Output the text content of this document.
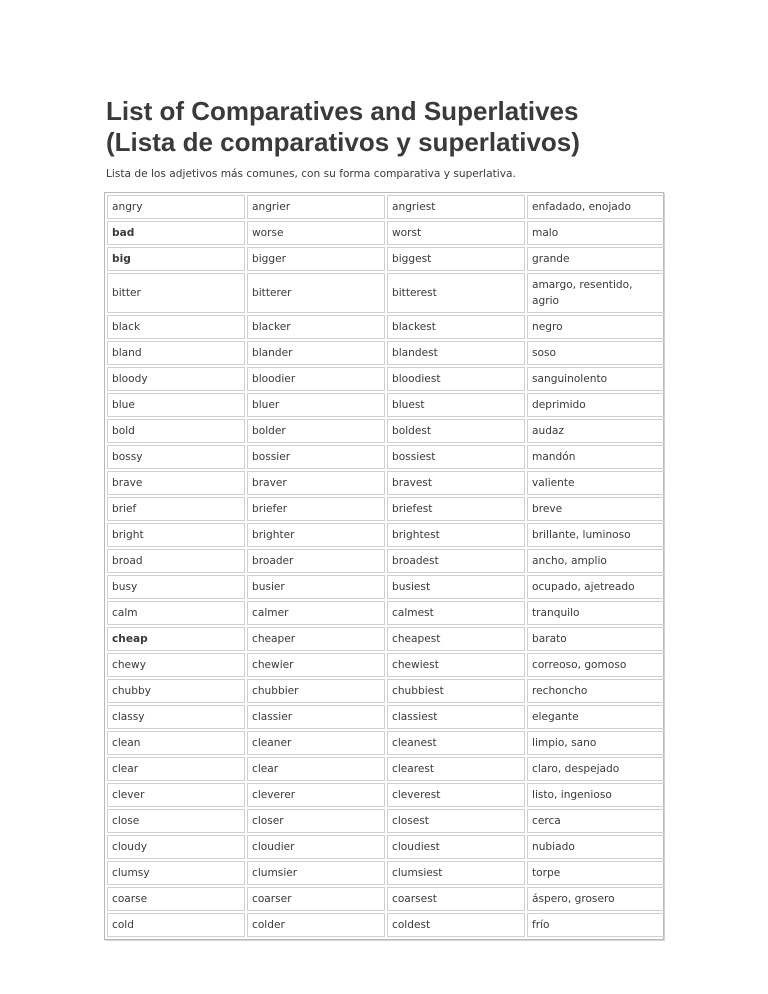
List of Comparatives and Superlatives
(Lista de comparativos y superlativos)

Lista de los adjetivos más comunes, con su forma comparativa y superlativa.

angry	angrier	angriest	enfadado, enojado
bad	worse	worst	malo
big	bigger	biggest	grande
bitter	bitterer	bitterest	amargo, resentido, agrio
black	blacker	blackest	negro
bland	blander	blandest	soso
bloody	bloodier	bloodiest	sanguinolento
blue	bluer	bluest	deprimido
bold	bolder	boldest	audaz
bossy	bossier	bossiest	mandón
brave	braver	bravest	valiente
brief	briefer	briefest	breve
bright	brighter	brightest	brillante, luminoso
broad	broader	broadest	ancho, amplio
busy	busier	busiest	ocupado, ajetreado
calm	calmer	calmest	tranquilo
cheap	cheaper	cheapest	barato
chewy	chewier	chewiest	correoso, gomoso
chubby	chubbier	chubbiest	rechoncho
classy	classier	classiest	elegante
clean	cleaner	cleanest	limpio, sano
clear	clear	clearest	claro, despejado
clever	cleverer	cleverest	listo, ingenioso
close	closer	closest	cerca
cloudy	cloudier	cloudiest	nubiado
clumsy	clumsier	clumsiest	torpe
coarse	coarser	coarsest	áspero, grosero
cold	colder	coldest	frío
